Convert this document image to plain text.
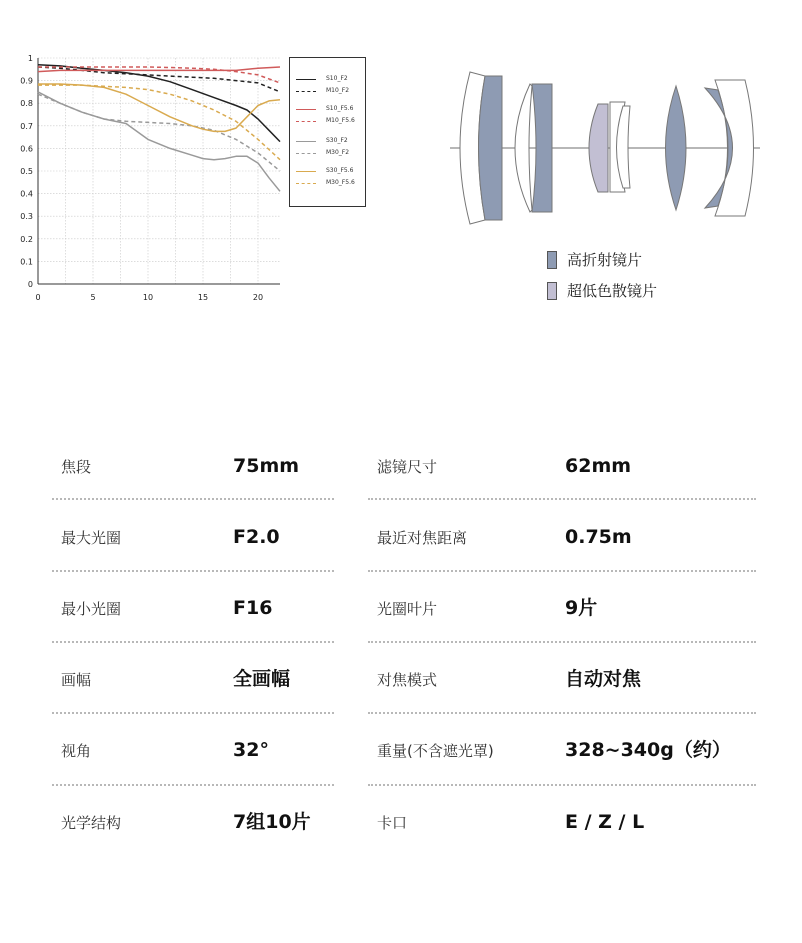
0
0.1
0.2
0.3
0.4
0.5
0.6
0.7
0.8
0.9
1
0	5	10	15	20
S10_F2
M10_F2
S10_F5.6
M10_F5.6
S30_F2
M30_F2
S30_F5.6
M30_F5.6
高折射镜片
超低色散镜片
焦段	75mm	滤镜尺寸	62mm
最大光圈	F2.0	最近对焦距离	0.75m
最小光圈	F16	光圈叶片	9片
画幅	全画幅	对焦模式	自动对焦
视角	32°	重量(不含遮光罩)	328~340g（约）
光学结构	7组10片	卡口	E / Z / L
